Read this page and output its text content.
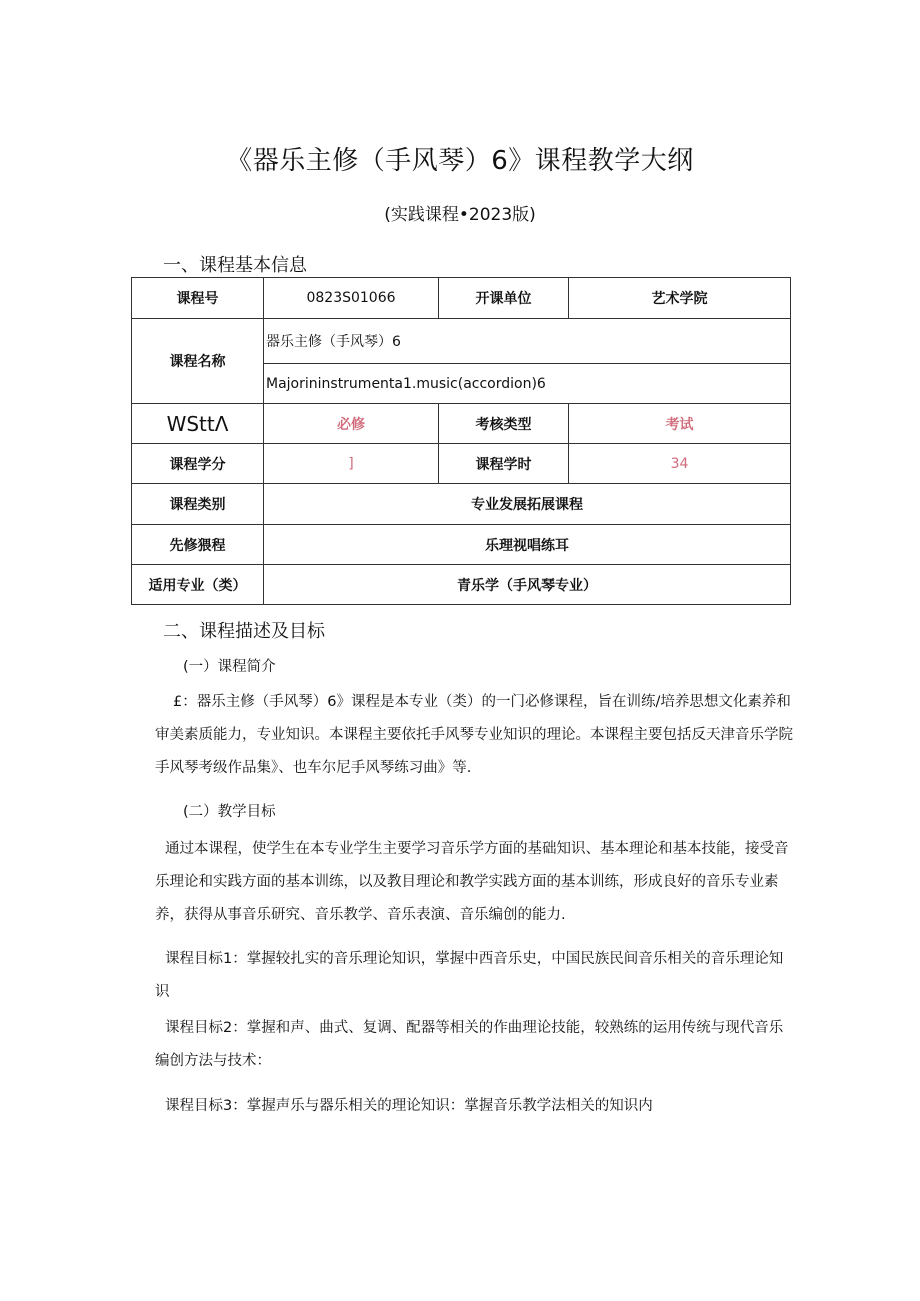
《器乐主修（手风琴）6》课程教学大纲
(实践课程•2023版)
一、课程基本信息
课程号	0823S01066	开课单位	艺术学院
课程名称	器乐主修（手风琴）6		
	Majorininstrumenta1.music(accordion)6		
WSttΛ	必修	考核类型	考试
课程学分	]	课程学时	34
课程类别	专业发展拓展课程		
先修猥程	乐理视唱练耳		
适用专业（类）	青乐学（手风琴专业）		
二、课程描述及目标
(一）课程简介
£：器乐主修（手风琴）6》课程是本专业（类）的一门必修课程，旨在训练/培养思想文化素养和审美素质能力，专业知识。本课程主要依托手风琴专业知识的理论。本课程主要包括反天津音乐学院手风琴考级作品集》、也车尔尼手风琴练习曲》等.
(二）教学目标
通过本课程，使学生在本专业学生主要学习音乐学方面的基础知识、基本理论和基本技能，接受音乐理论和实践方面的基本训练，以及教目理论和教学实践方面的基本训练，形成良好的音乐专业素养，获得从事音乐研究、音乐教学、音乐表演、音乐编创的能力.
课程目标1：掌握较扎实的音乐理论知识，掌握中西音乐史，中国民族民间音乐相关的音乐理论知识
课程目标2：掌握和声、曲式、复调、配器等相关的作曲理论技能，较熟练的运用传统与现代音乐编创方法与技术：
课程目标3：掌握声乐与器乐相关的理论知识：掌握音乐教学法相关的知识内
